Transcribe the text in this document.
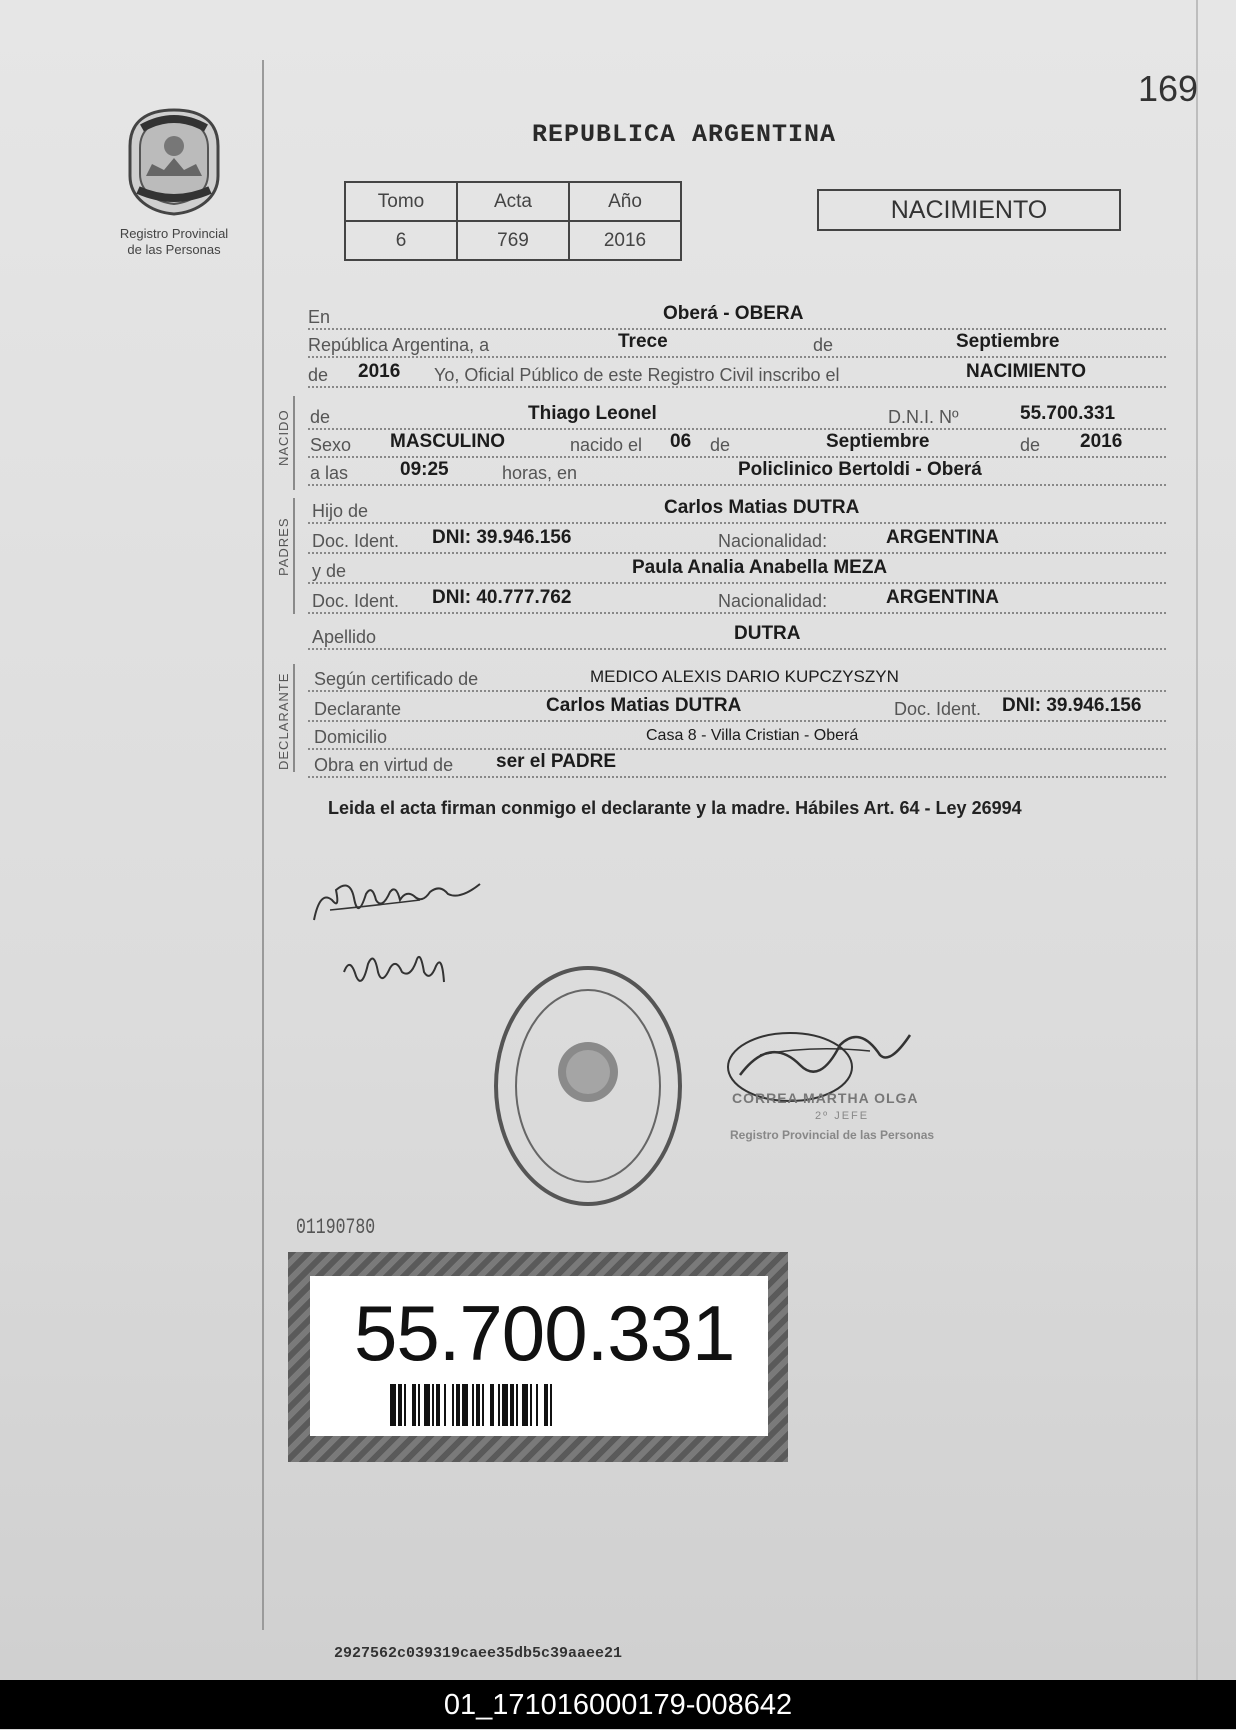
169
Registro Provincial
de las Personas
REPUBLICA ARGENTINA
Tomo	Acta	Año
6	769	2016
NACIMIENTO
En	Oberá - OBERA
República Argentina, a	Trece	de	Septiembre
de 2016 Yo, Oficial Público de este Registro Civil inscribo el	NACIMIENTO
NACIDO de	Thiago Leonel	D.N.I. Nº	55.700.331
Sexo MASCULINO	nacido el 06 de	Septiembre	de 2016
a las	09:25	horas, en	Policlinico Bertoldi - Oberá
PADRES
Hijo de	Carlos Matias DUTRA
Doc. Ident. DNI: 39.946.156	Nacionalidad:	ARGENTINA
y de	Paula Analia Anabella MEZA
Doc. Ident. DNI: 40.777.762	Nacionalidad:	ARGENTINA
Apellido	DUTRA
DECLARANTE Según certificado de	MEDICO ALEXIS DARIO KUPCZYSZYN
Declarante	Carlos Matias DUTRA	Doc. Ident. DNI: 39.946.156
Domicilio	Casa 8 - Villa Cristian - Oberá
Obra en virtud de ser el PADRE
Leida el acta firman conmigo el declarante y la madre. Hábiles Art. 64 - Ley 26994
CORREA MARTHA OLGA
2º JEFE
Registro Provincial de las Personas
01190780
55.700.331
2927562c039319caee35db5c39aaee21
01_171016000179-008642
